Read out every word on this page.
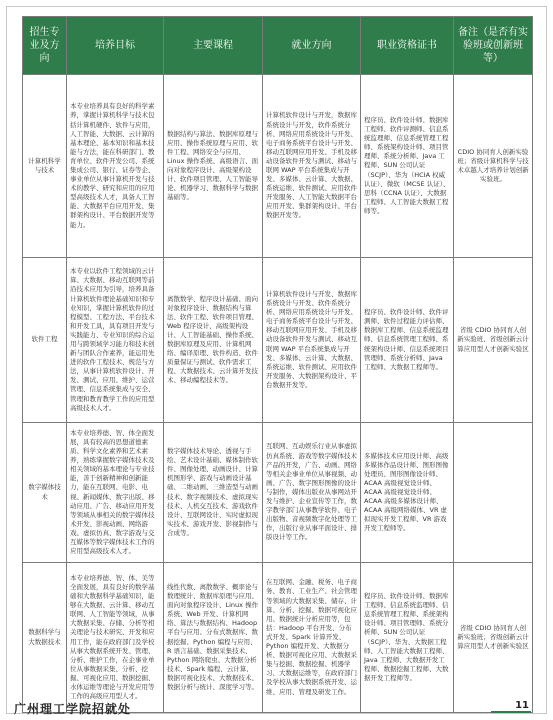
招生专业及方向	培养目标	主要课程	就业方向	职业资格证书	备注（是否有实验班或创新班等）
计算机科学与技术	本专业培养具有良好的科学素养，掌握计算机科学与技术包括计算机硬件、软件与应用，人工智能、大数据、云计算的基本理论、基本知识和基本技能与方法，能在科研部门、教育单位、软件开发公司、系统集成公司、银行、证券等企、事业单位从事计算机开发与技术的教学、研究和应用的应用型高级技术人才，具备人工智能、大数据平台应用开发、集群架构设计、平台数据开发等能力。	数据结构与算法、数据库原理与应用、操作系统原理与应用、软件工程、网络安全与应用、Linux 操作系统、高级语言、面向对象程序设计、高级架构设计、软件项目管理、人工智能导论、机器学习、数据科学与数据基础等。	计算机软件设计与开发，数据库系统设计与开发，软件系统分析、网络应用系统设计与开发、电子商务系统平台设计与开发、移动互联网应用开发、手机及移动设备软件开发与测试、移动与联网 WAP 平台系统集成与开发、多媒体、云计算、大数据、系统运维、软件测试、应用软件开发服务、人工智能大数据平台应用开发、集群架构设计、平台数据开发等。	程序员、软件设计师、数据库工程师、软件评测师、信息系统监理师、信息系统管理工程师、系统架构设计师、项目管理师、系统分析师、Java 工程师、SUN 公司认证（SCJP）、华为（HCIA 权威认证）、微软（MCSE 认证）、思科（CCNA 认证）、大数据工程师、人工智能大数据工程师等。	CDIO 协同育人创新实验班；省级计算机科学与技术卓越人才培养计划创新实验班。
软件工程	本专业以软件工程领域的云计算、大数据、移动互联网等前沿技术应用为引导，培养具备计算机软件理论基础知识和专业知识，掌握计算机软件的过程模型、工程方法、平台技术和开发工具，具有项目开发与实践能力、专业知识的综合运用与跨领域学习能力和技术创新与团队合作素养，能运用先进的软件工程技术、规范与方法，从事计算机软件设计、开发、测试、应用、维护、运营管理、信息系统集成与安全、管理和教育教学工作的应用型高级技术人才。	离散数学、程序设计基础、面向对象程序设计、数据结构与算法、软件工程、软件项目管理、Web 程序设计、高级架构设计、人工智能基础、操作系统、数据库原理及应用、计算机网络、编译原理、软件构造、软件质量保证与测试、软件需求工程、大数据技术、云计算开发技术、移动编程技术等。	计算机软件设计与开发、数据库系统设计与开发、软件系统分析、网络应用系统设计与开发、电子商务系统平台设计与开发、移动互联网应用开发、手机及移动设备软件开发与测试、移动互联网 WAP 平台系统集成与开发、多媒体、云计算、大数据、系统运维、软件测试、应用软件开发服务、大数据架构设计、平台数据开发等。	程序员、软件设计师、软件评测师、软件过程能力评估师、数据库工程师、信息系统监理师、信息系统管理工程师、系统架构设计师、信息系统项目管理师、系统分析师、Java 工程师、大数据工程师等。	省级 CDIO 协同育人创新实验班、省级创新云计算应用型人才创新实验区
数字媒体技术	本专业培养德、智、体全面发展，具有较高的思想道德素质、科学文化素养和艺术素养，熟练掌握数字媒体技术及相关领域的基本理论与专业技能，善于创新精神和创新能力，能在互联网、电影、电视、新闻媒体、数字出版、移动应用、广告、移动应用开发等领域从事相关的数字媒体技术开发、影视动画、网络游戏、虚拟仿真、数字游戏与交互媒体等数字媒体技术工作的应用型高级技术人才。	数字媒体技术导论、透视与手绘、艺术设计基础、媒体制作软件、图像处理、动画设计、计算机图形学、游戏与动画设计基础、二维动画、三维造型与动画技术、数字视频技术、虚拟现实技术、人机交互技术、游戏软件设计、互联网设计、实时虚拟现实技术、游戏开发、影视制作与合成等。	互联网、互动娱乐行业从事虚拟仿真系统、游戏等数字媒体技术产品的开发，广告、动画、网络等相关企事业单位从事视频、动画、广告、数字图形图像的设计与制作，媒体出版业从事网站开发与维护、企业宣传等工作，数字教学部门从事教学软件、电子出版物、音视频数字化处理等工作，出版行业从事平面设计、排版设计等工作。	多媒体技术应用设计师、高级多媒体作品设计师、图形图像处理员、图形图像设计师、ACAA 高级视觉设计师、ACAA 高级视觉设计师、ACAA 高级多媒体设计师、ACAA 高级网络媒体、VR 虚拟现实开发工程师、VR 游戏开发工程师等。	
数据科学与大数据技术	本专业培养德、智、体、美等全面发展，具有良好的数学基础和大数据科学基础知识，能够在大数据、云计算、移动互联网、人工智能等领域，从事大数据采集、存储、分析等相关理论与技术研究、开发和应用工作，能在政府部门及学校从事大数据系统开发、管理、分析、维护工作，在企事业单位从事数据采集、分析、挖掘、可视化应用、数据挖掘、水体运维等理论与开发应用等工作的高级应用型人才。	线性代数、离散数学、概率论与数理统计、数据库原理与应用、面向对象程序设计、Linux 操作系统、Web 开发、计算机网络、算法与数据结构、Hadoop 平台与应用、分布式数据库、数据挖掘、Python 编程与应用、R 语言基础、数据采集技术、Python 网络爬虫、大数据分析技术、Spark 编程、云计算、数据可视化技术、大数据技术、数据分析与统计、深度学习等。	在互联网、金融、税务、电子商务、教育、工业生产、社会管理等领域的大数据采集、储存、计算、分析、挖掘、数据可视化应用、数据统计分析应用等，包括：Hadoop 平台开发、分布式开发、Spark 计算开发、Python 编程开发、大数据分析、数据可视化应用、大数据采集与挖掘、数据挖掘、机器学习、大数据运维等，在政府部门及学校从事大数据系统开发、运维、应用、管理及研发工作。	程序员、软件设计师、数据库工程师、信息系统监理师、信息系统管理工程师、系统架构设计师、项目管理师、系统分析师、SUN 公司认证（SCJP）、华为、大数据工程师、人工智能大数据工程师、Java 工程师、大数据开发工程师、数据挖掘工程师、大数据开发工程师等。	省级 CDIO 协同育人创新实验班；省级创新云计算应用型人才创新实验区
广州理工学院招就处	11
